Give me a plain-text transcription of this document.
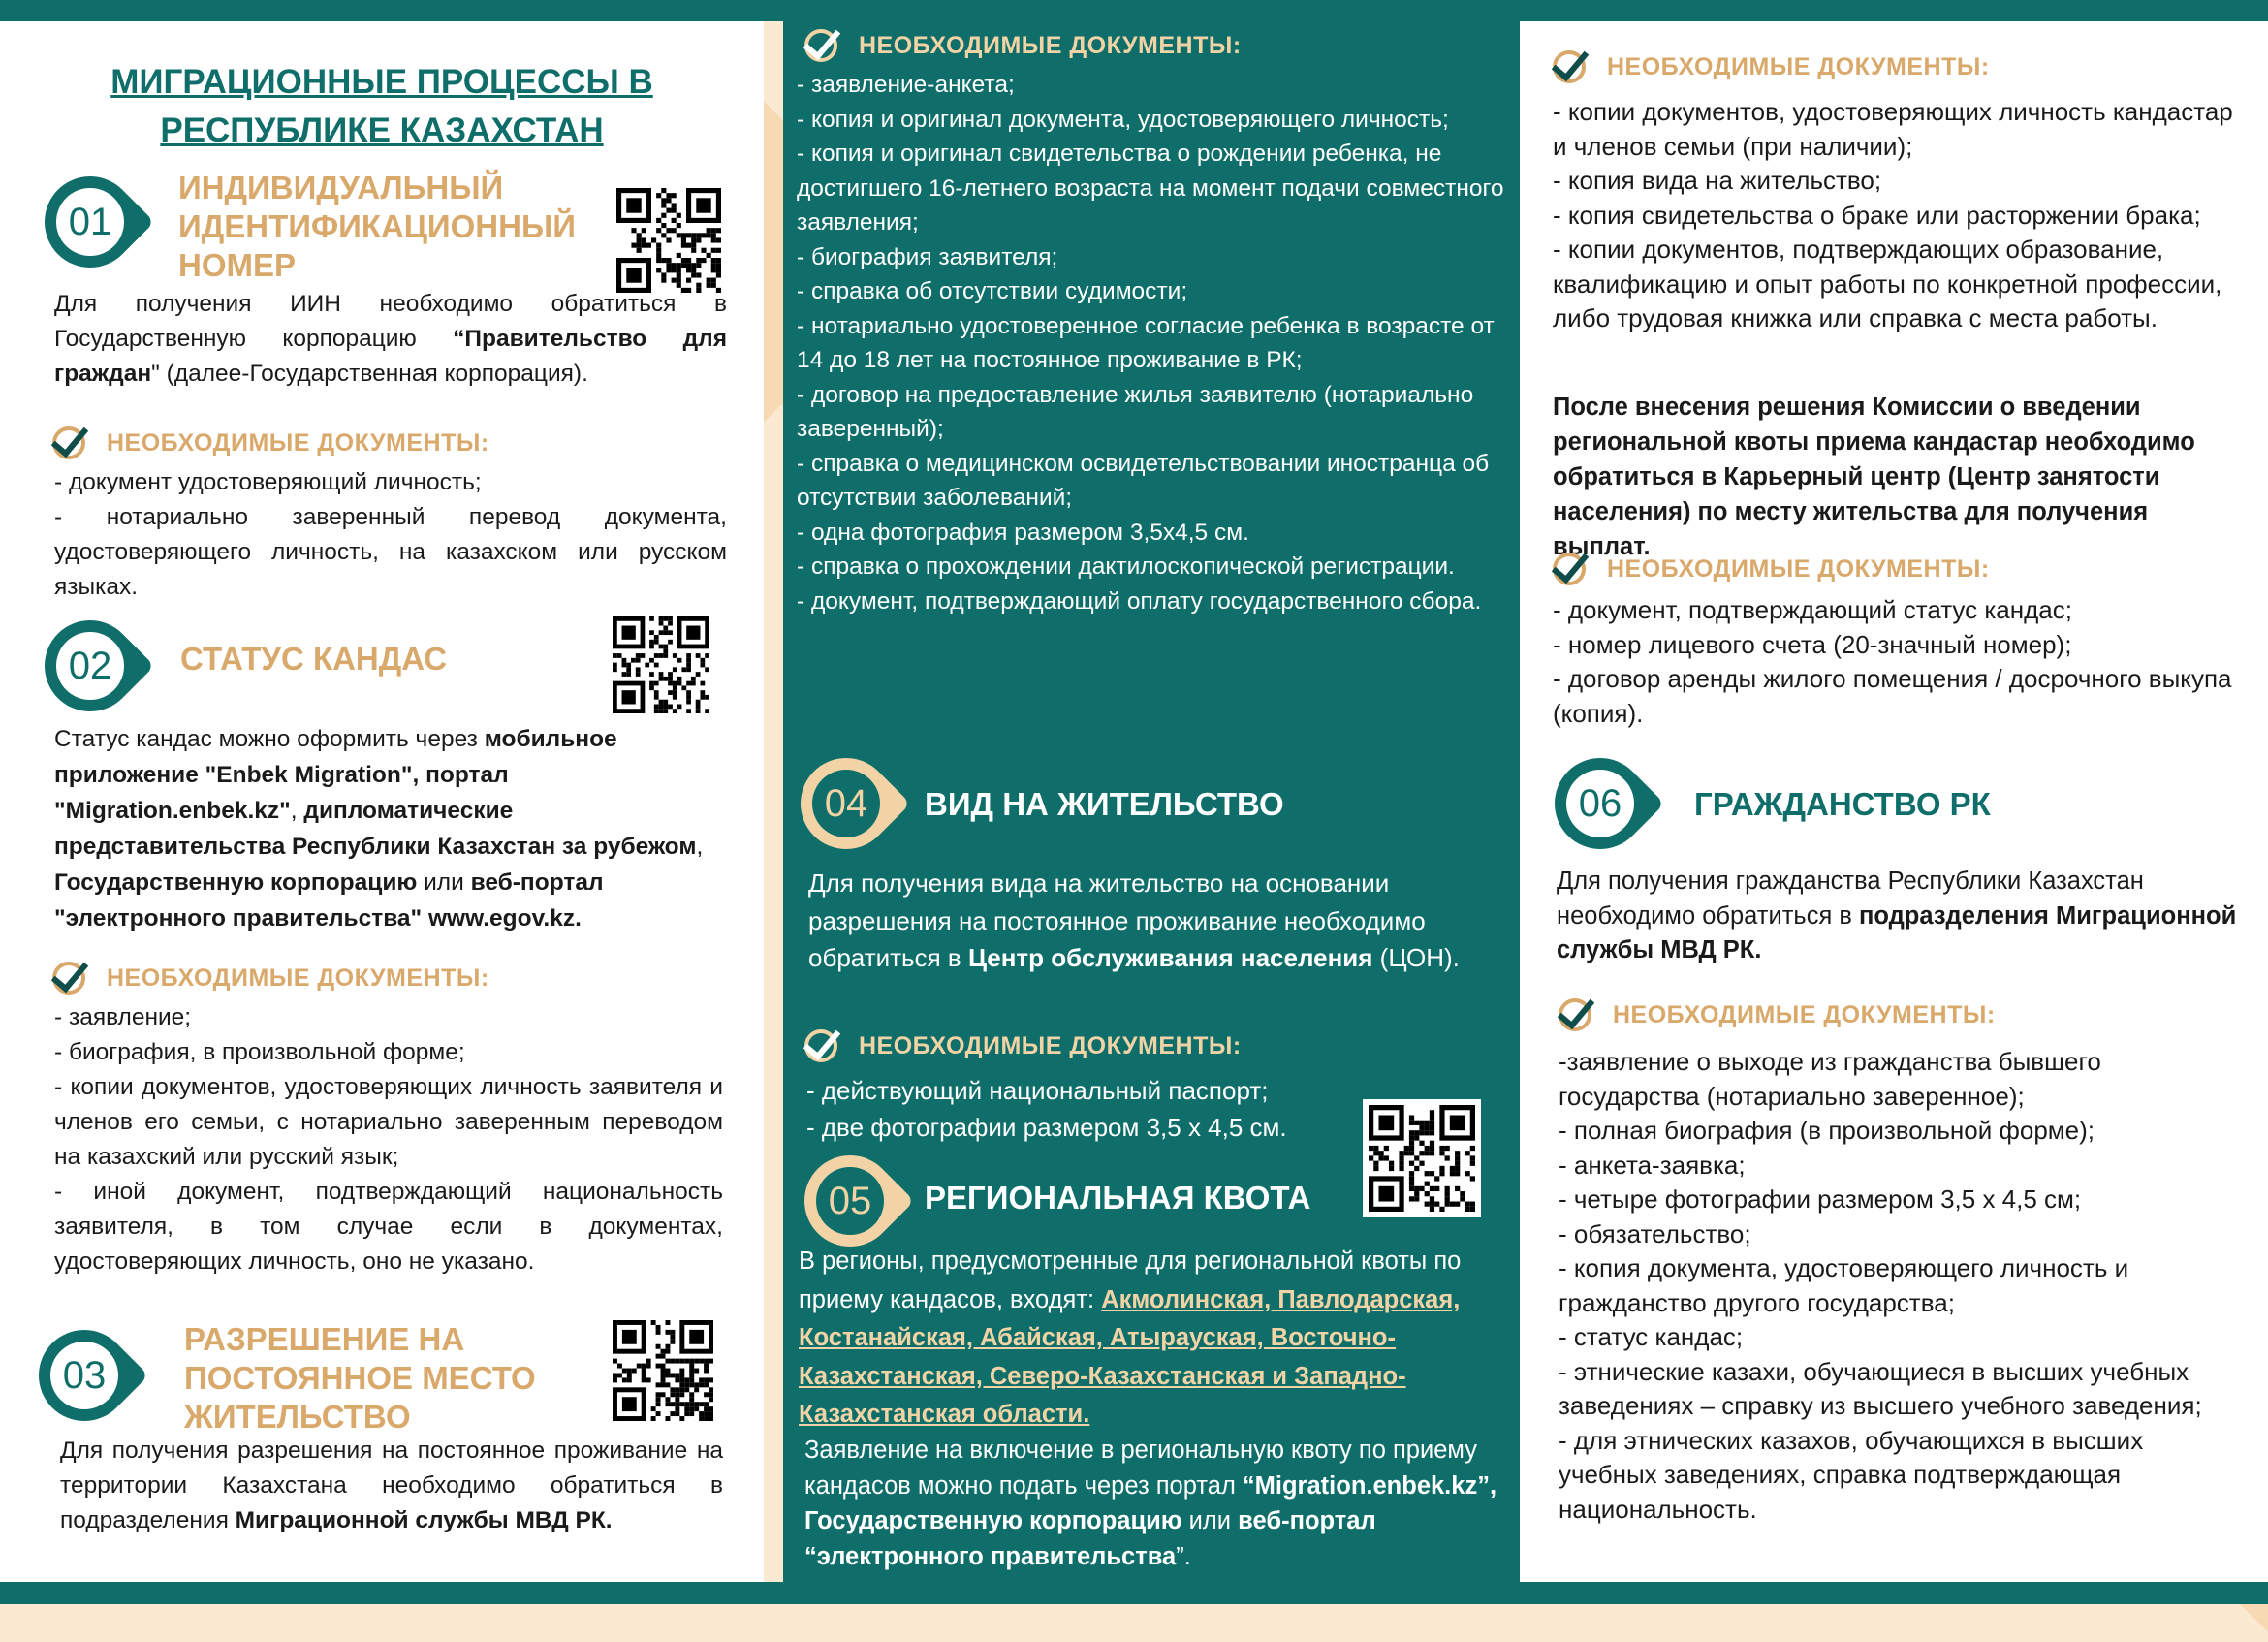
МИГРАЦИОННЫЕ ПРОЦЕССЫ В
РЕСПУБЛИКЕ КАЗАХСТАН
01
ИНДИВИДУАЛЬНЫЙ
ИДЕНТИФИКАЦИОННЫЙ
НОМЕР
Для получения ИИН необходимо обратиться в Государственную корпорацию “Правительство для граждан" (далее-Государственная корпорация).
НЕОБХОДИМЫЕ ДОКУМЕНТЫ:
- документ удостоверяющий личность;
- нотариально заверенный перевод документа, удостоверяющего личность, на казахском или русском языках.
02	СТАТУС КАНДАС
Статус кандас можно оформить через мобильное приложение "Enbek Migration", портал "Migration.enbek.kz", дипломатические представительства Республики Казахстан за рубежом, Государственную корпорацию или веб-портал "электронного правительства" www.egov.kz.
НЕОБХОДИМЫЕ ДОКУМЕНТЫ:
- заявление;
- биография, в произвольной форме;
- копии документов, удостоверяющих личность заявителя и членов его семьи, с нотариально заверенным переводом на казахский или русский язык;
- иной документ, подтверждающий национальность заявителя, в том случае если в документах, удостоверяющих личность, оно не указано.
03
РАЗРЕШЕНИЕ НА
ПОСТОЯННОЕ МЕСТО
ЖИТЕЛЬСТВО
Для получения разрешения на постоянное проживание на территории Казахстана необходимо обратиться в подразделения Миграционной службы МВД РК.
НЕОБХОДИМЫЕ ДОКУМЕНТЫ:
- заявление-анкета;
- копия и оригинал документа, удостоверяющего личность;
- копия и оригинал свидетельства о рождении ребенка, не достигшего 16-летнего возраста на момент подачи совместного заявления;
- биография заявителя;
- справка об отсутствии судимости;
- нотариально удостоверенное согласие ребенка в возрасте от 14 до 18 лет на постоянное проживание в РК;
- договор на предоставление жилья заявителю (нотариально заверенный);
- справка о медицинском освидетельствовании иностранца об отсутствии заболеваний;
- одна фотография размером 3,5х4,5 см.
- справка о прохождении дактилоскопической регистрации.
- документ, подтверждающий оплату государственного сбора.
04	ВИД НА ЖИТЕЛЬСТВО
Для получения вида на жительство на основании разрешения на постоянное проживание необходимо обратиться в Центр обслуживания населения (ЦОН).
НЕОБХОДИМЫЕ ДОКУМЕНТЫ:
- действующий национальный паспорт;
- две фотографии размером 3,5 х 4,5 см.
05	РЕГИОНАЛЬНАЯ КВОТА
В регионы, предусмотренные для региональной квоты по приему кандасов, входят: Акмолинская, Павлодарская, Костанайская, Абайская, Атырауская, Восточно-Казахстанская, Северо-Казахстанская и Западно-Казахстанская области.
Заявление на включение в региональную квоту по приему кандасов можно подать через портал “Migration.enbek.kz”, Государственную корпорацию или веб-портал “электронного правительства”.
НЕОБХОДИМЫЕ ДОКУМЕНТЫ:
- копии документов, удостоверяющих личность кандастар и членов семьи (при наличии);
- копия вида на жительство;
- копия свидетельства о браке или расторжении брака;
- копии документов, подтверждающих образование, квалификацию и опыт работы по конкретной профессии, либо трудовая книжка или справка с места работы.
После внесения решения Комиссии о введении региональной квоты приема кандастар необходимо обратиться в Карьерный центр (Центр занятости населения) по месту жительства для получения выплат.
НЕОБХОДИМЫЕ ДОКУМЕНТЫ:
- документ, подтверждающий статус кандас;
- номер лицевого счета (20-значный номер);
- договор аренды жилого помещения / досрочного выкупа (копия).
06	ГРАЖДАНСТВО РК
Для получения гражданства Республики Казахстан необходимо обратиться в подразделения Миграционной службы МВД РК.
НЕОБХОДИМЫЕ ДОКУМЕНТЫ:
-заявление о выходе из гражданства бывшего государства (нотариально заверенное);
- полная биография (в произвольной форме);
- анкета-заявка;
- четыре фотографии размером 3,5 х 4,5 см;
- обязательство;
- копия документа, удостоверяющего личность и гражданство другого государства;
- статус кандас;
- этнические казахи, обучающиеся в высших учебных заведениях – справку из высшего учебного заведения;
- для этнических казахов, обучающихся в высших учебных заведениях, справка подтверждающая национальность.
